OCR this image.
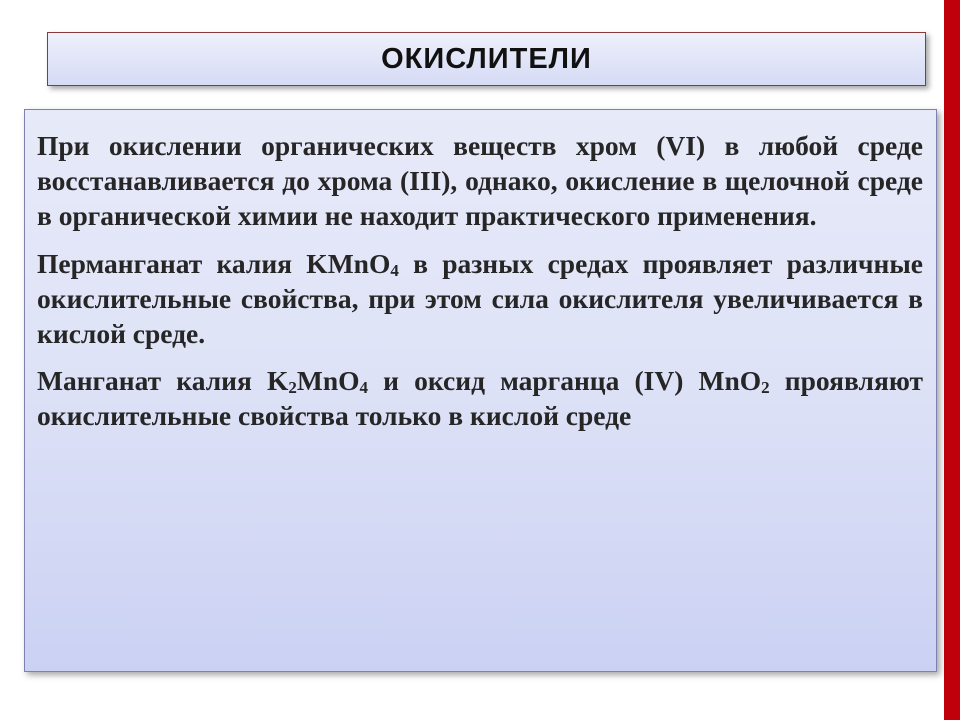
ОКИСЛИТЕЛИ

При окислении органических веществ хром (VI) в любой среде восстанавливается до хрома (III), однако, окисление в щелочной среде в органической химии не находит практического применения.

Перманганат калия KMnO$_4$ в разных средах проявляет различные окислительные свойства, при этом сила окислителя увеличивается в кислой среде.

Манганат калия $K_2MnO_4$ и оксид марганца (IV) MnO$_2$ проявляют окислительные свойства только в кислой среде
